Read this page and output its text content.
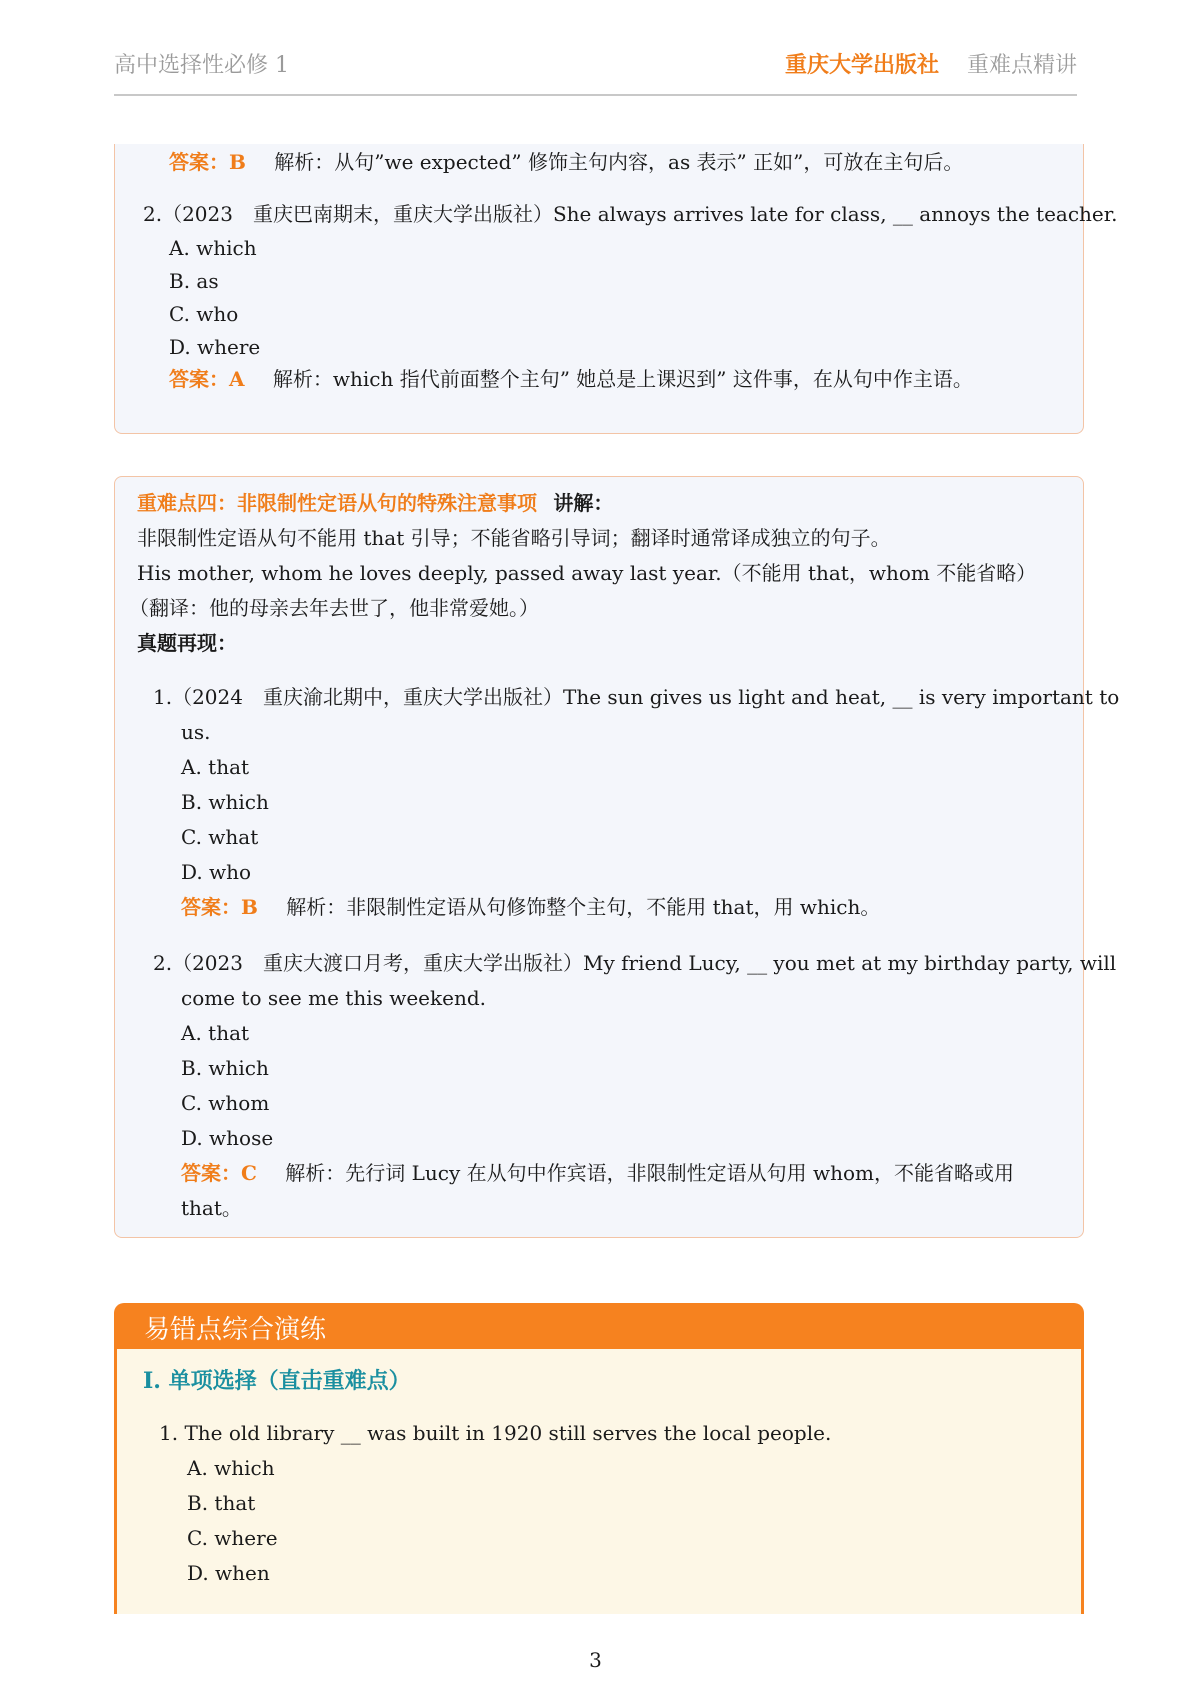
高中选择性必修 1	重庆大学出版社 重难点精讲
答案：B 解析：从句”we expected” 修饰主句内容，as 表示” 正如”，可放在主句后。
2.（2023　重庆巴南期末，重庆大学出版社）She always arrives late for class, __ annoys the teacher.
A. which
B. as
C. who
D. where
答案：A 解析：which 指代前面整个主句” 她总是上课迟到” 这件事，在从句中作主语。
重难点四：非限制性定语从句的特殊注意事项 讲解：
非限制性定语从句不能用 that 引导；不能省略引导词；翻译时通常译成独立的句子。
His mother, whom he loves deeply, passed away last year.（不能用 that，whom 不能省略）
（翻译：他的母亲去年去世了，他非常爱她。）
真题再现：
1.（2024　重庆渝北期中，重庆大学出版社）The sun gives us light and heat, __ is very important to
us.
A. that
B. which
C. what
D. who
答案：B 解析：非限制性定语从句修饰整个主句，不能用 that，用 which。
2.（2023　重庆大渡口月考，重庆大学出版社）My friend Lucy, __ you met at my birthday party, will
come to see me this weekend.
A. that
B. which
C. whom
D. whose
答案：C 解析：先行词 Lucy 在从句中作宾语，非限制性定语从句用 whom，不能省略或用
that。
易错点综合演练
I. 单项选择（直击重难点）
1. The old library __ was built in 1920 still serves the local people.
A. which
B. that
C. where
D. when
3
